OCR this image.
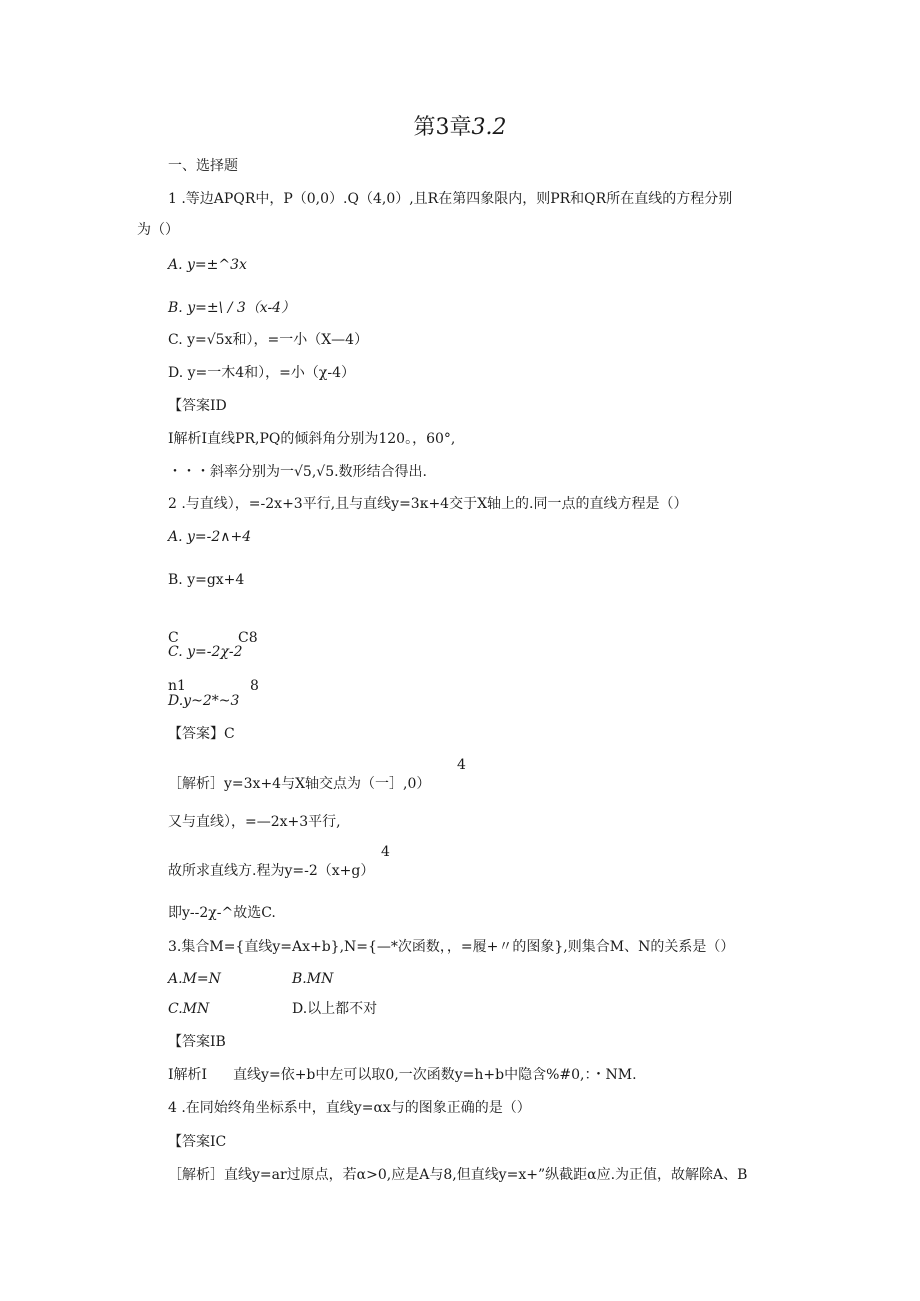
第3章3.2
一、选择题
1 .等边APQR中，P（0,0）.Q（4,0）,且R在第四象限内，则PR和QR所在直线的方程分别
为（）
A. y=±^3x
B. y=±\ / 3（x-4）
C. y=√5x和），=一小（X—4）
D. y=一木4和），=小（χ-4）
【答案ID
I解析I直线PR,PQ的倾斜角分别为120。，60°,
・・・斜率分别为一√5,√5.数形结合得出.
2 .与直线），=-2x+3平行,且与直线y=3κ+4交于X轴上的.同一点的直线方程是（）
A. y=-2∧+4
B. y=gx+4
C	C8
C. y=-2χ-2
n1	8
D.y~2*~3
【答案】C
4
［解析］y=3x+4与X轴交点为（一］,0）
又与直线），=—2x+3平行,
4
故所求直线方.程为y=-2（x+g）
即y--2χ-^故选C.
3.集合M={直线y=Ax+b},N={—*次函数，，=履+〃的图象},则集合M、N的关系是（）
A.M=N	B.MN
C.MN	D.以上都不对
【答案IB
I解析I 直线y=依+b中左可以取0,一次函数y=h+b中隐含%#0,：・NM.
4 .在同始终角坐标系中，直线y=αx与的图象正确的是（）
【答案IC
［解析］直线y=ar过原点，若α>0,应是A与8,但直线y=x+”纵截距α应.为正值，故解除A、B
